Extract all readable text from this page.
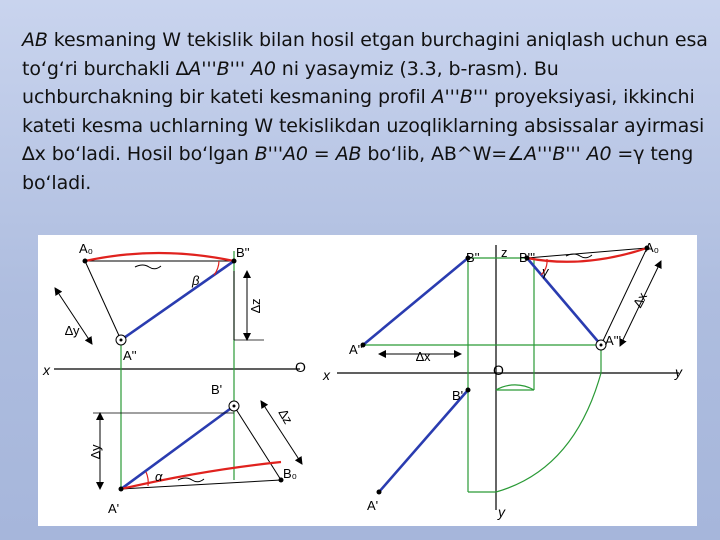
AB kesmaning W tekislik bilan hosil etgan burchagini aniqlash uchun esa to‘g‘ri burchakli ∆A'''B''' A0 ni yasaymiz (3.3, b-rasm). Bu uchburchakning bir kateti kesmaning profil A'''B''' proyeksiyasi, ikkinchi kateti kesma uchlarning W tekislikdan uzoqliklarning absissalar ayirmasi ∆x bo‘ladi. Hosil bo‘lgan B'''A0 = AB bo‘lib, AB^W=∠A'''B''' A0 =γ teng bo‘ladi.
A₀	B''
A''
B'
B₀
A'
x	O
∆z
∆y
∆y
∆z
β
α
z
B''	B'''
A₀
A''
A'''
∆x
∆x
x	O	y
B'
A'	y
γ
